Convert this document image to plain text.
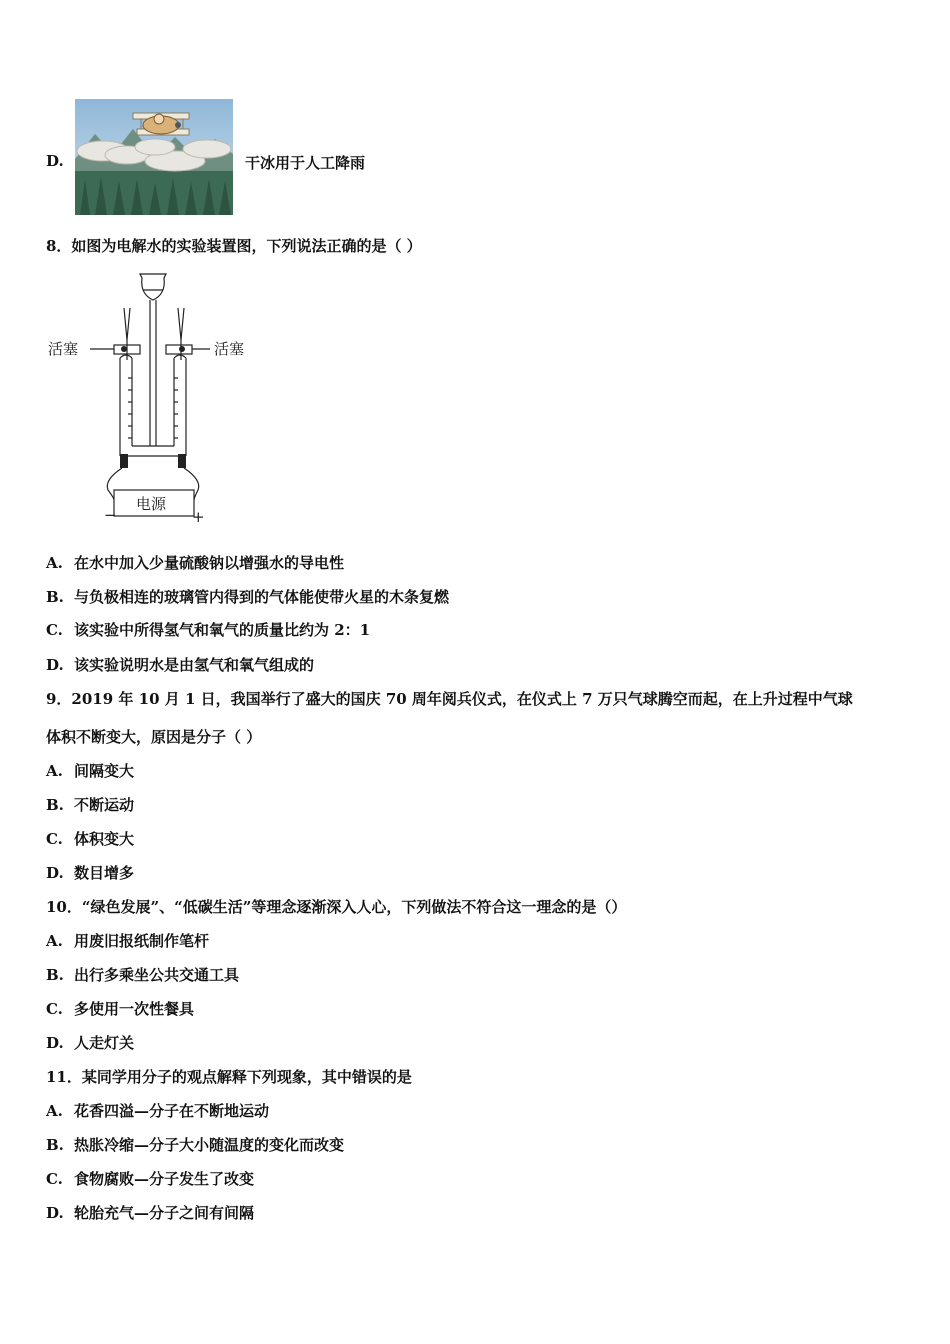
D.	干冰用于人工降雨
8．如图为电解水的实验装置图，下列说法正确的是（ ）
活塞	活塞
电源
−	+
A. 在水中加入少量硫酸钠以增强水的导电性
B. 与负极相连的玻璃管内得到的气体能使带火星的木条复燃
C. 该实验中所得氢气和氧气的质量比约为 2：1
D. 该实验说明水是由氢气和氧气组成的
9．2019 年 10 月 1 日，我国举行了盛大的国庆 70 周年阅兵仪式，在仪式上 7 万只气球腾空而起，在上升过程中气球
体积不断变大，原因是分子（ ）
A. 间隔变大
B. 不断运动
C. 体积变大
D. 数目增多
10．“绿色发展”、“低碳生活”等理念逐渐深入人心，下列做法不符合这一理念的是（）
A. 用废旧报纸制作笔杆
B. 出行多乘坐公共交通工具
C. 多使用一次性餐具
D. 人走灯关
11．某同学用分子的观点解释下列现象，其中错误的是
A. 花香四溢—分子在不断地运动
B. 热胀冷缩—分子大小随温度的变化而改变
C. 食物腐败—分子发生了改变
D. 轮胎充气—分子之间有间隔
